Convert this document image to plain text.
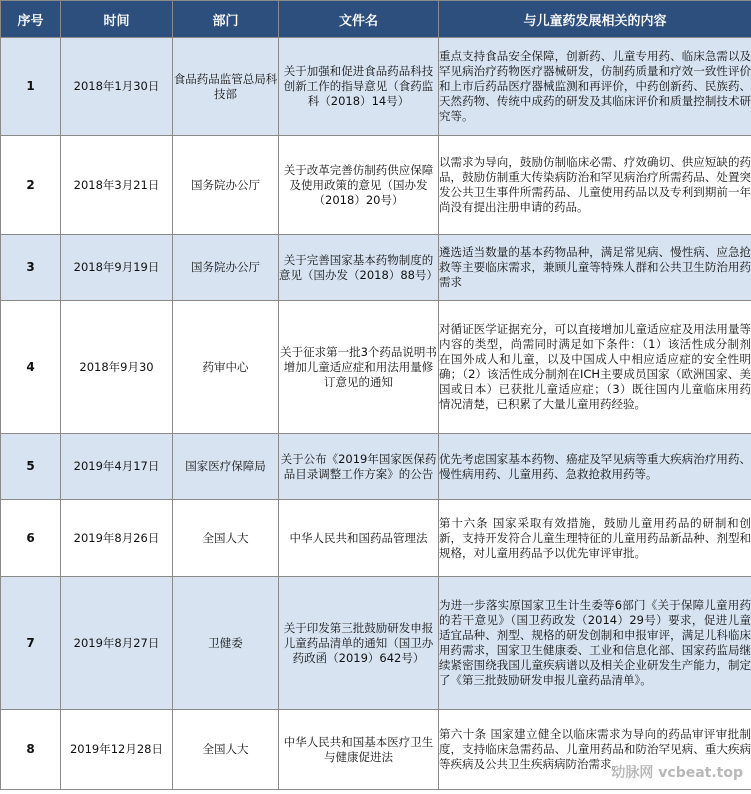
序号	时间	部门	文件名	与儿童药发展相关的内容
1	2018年1月30日	食品药品监管总局科技部	关于加强和促进食品药品科技创新工作的指导意见（食药监科（2018）14号）	重点支持食品安全保障，创新药、儿童专用药、临床急需以及罕见病治疗药物医疗器械研发，仿制药质量和疗效一致性评价和上市后药品医疗器械监测和再评价，中药创新药、民族药、天然药物、传统中成药的研发及其临床评价和质量控制技术研究等。
2	2018年3月21日	国务院办公厅	关于改革完善仿制药供应保障及使用政策的意见（国办发（2018）20号）	以需求为导向，鼓励仿制临床必需、疗效确切、供应短缺的药品，鼓励仿制重大传染病防治和罕见病治疗所需药品、处置突发公共卫生事件所需药品、儿童使用药品以及专利到期前一年尚没有提出注册申请的药品。
3	2018年9月19日	国务院办公厅	关于完善国家基本药物制度的意见（国办发（2018）88号）	遴选适当数量的基本药物品种，满足常见病、慢性病、应急抢救等主要临床需求，兼顾儿童等特殊人群和公共卫生防治用药需求
4	2018年9月30	药审中心	关于征求第一批3个药品说明书增加儿童适应症和用法用量修订意见的通知	对循证医学证据充分，可以直接增加儿童适应症及用法用量等内容的类型，尚需同时满足如下条件：（1）该活性成分制剂在国外成人和儿童，以及中国成人中相应适应症的安全性明确；（2）该活性成分制剂在ICH主要成员国家（欧洲国家、美国或日本）已获批儿童适应症；（3）既往国内儿童临床用药情况清楚，已积累了大量儿童用药经验。
5	2019年4月17日	国家医疗保障局	关于公布《2019年国家医保药品目录调整工作方案》的公告	优先考虑国家基本药物、癌症及罕见病等重大疾病治疗用药、慢性病用药、儿童用药、急救抢救用药等。
6	2019年8月26日	全国人大	中华人民共和国药品管理法	第十六条 国家采取有效措施，鼓励儿童用药品的研制和创新，支持开发符合儿童生理特征的儿童用药品新品种、剂型和规格，对儿童用药品予以优先审评审批。
7	2019年8月27日	卫健委	关于印发第三批鼓励研发申报儿童药品清单的通知（国卫办药政函（2019）642号）	为进一步落实原国家卫生计生委等6部门《关于保障儿童用药的若干意见》（国卫药政发（2014）29号）要求，促进儿童适宜品种、剂型、规格的研发创制和申报审评，满足儿科临床用药需求，国家卫生健康委、工业和信息化部、国家药监局继续紧密围绕我国儿童疾病谱以及相关企业研发生产能力，制定了《第三批鼓励研发申报儿童药品清单》。
8	2019年12月28日	全国人大	中华人民共和国基本医疗卫生与健康促进法	第六十条 国家建立健全以临床需求为导向的药品审评审批制度，支持临床急需药品、儿童用药品和防治罕见病、重大疾病等疾病及公共卫生疾病病防治需求。
动脉网 vcbeat.top
